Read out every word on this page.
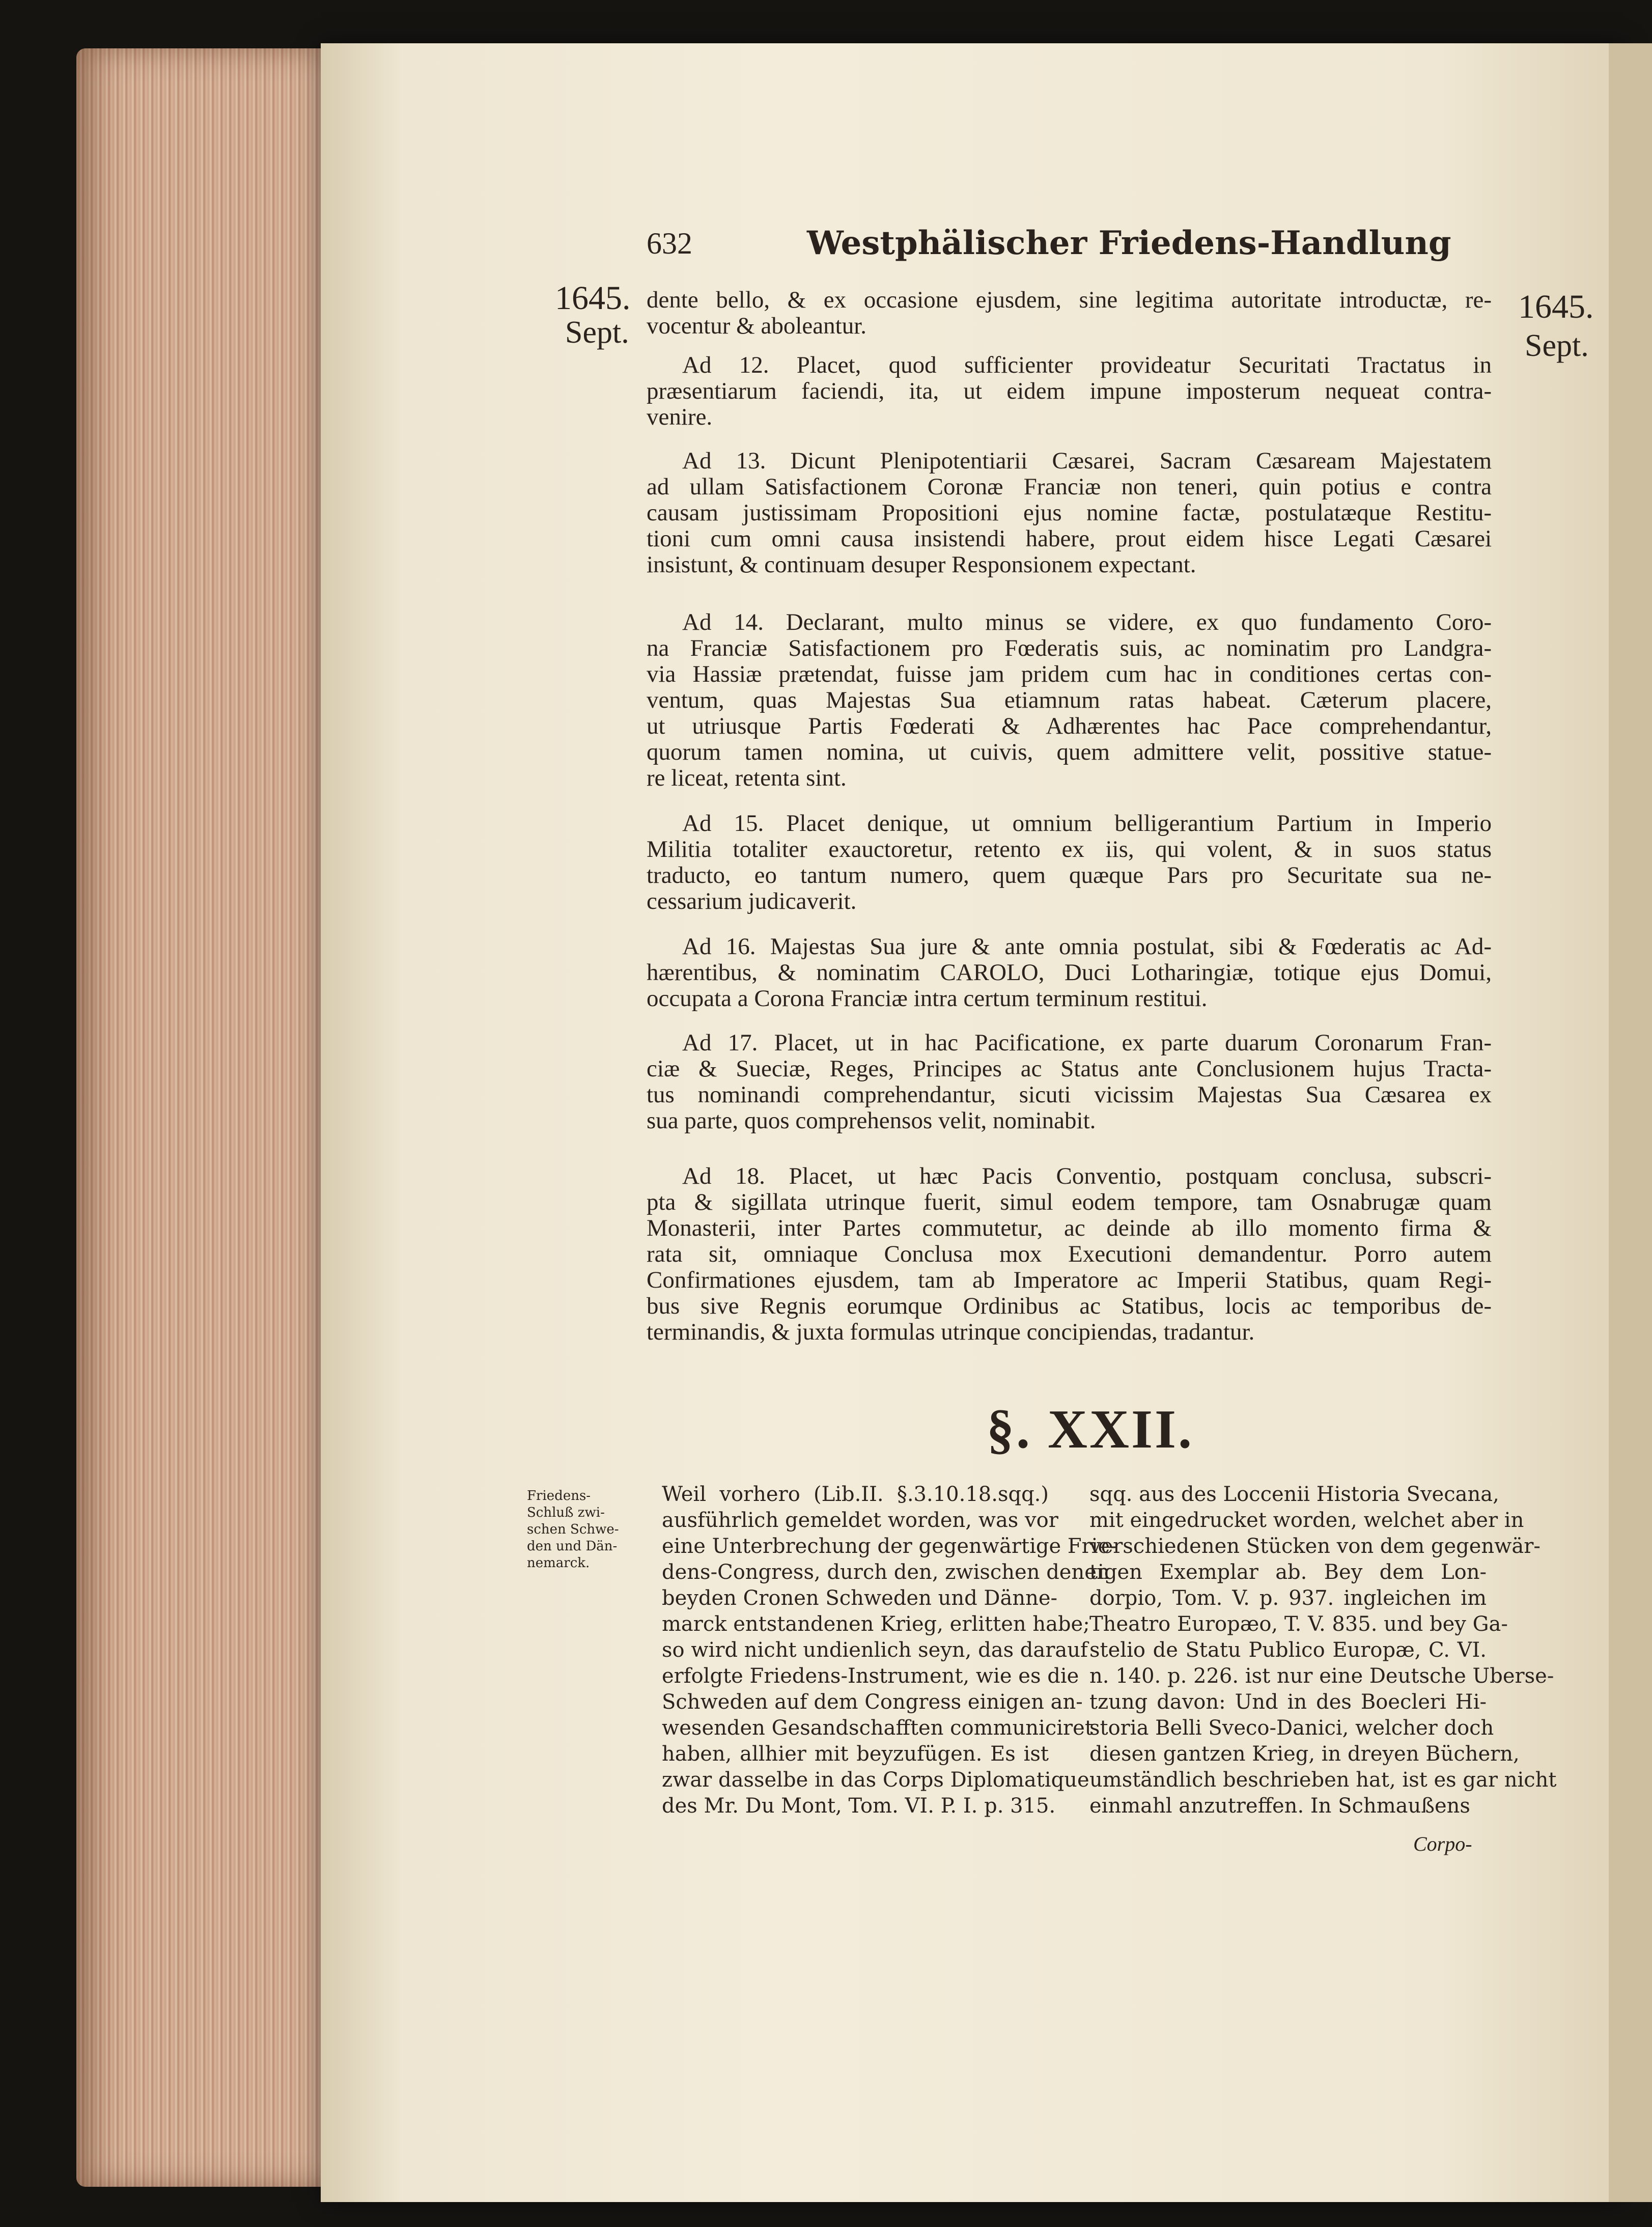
632	Westphälischer Friedens-Handlung
1645.
Sept.
1645.
Sept.
dente bello, & ex occasione ejusdem, sine legitima autoritate introductæ, re-
vocentur & aboleantur.
Ad 12. Placet, quod sufficienter provideatur Securitati Tractatus in
præsentiarum faciendi, ita, ut eidem impune imposterum nequeat contra-
venire.
Ad 13. Dicunt Plenipotentiarii Cæsarei, Sacram Cæsaream Majestatem
ad ullam Satisfactionem Coronæ Franciæ non teneri, quin potius e contra
causam justissimam Propositioni ejus nomine factæ, postulatæque Restitu-
tioni cum omni causa insistendi habere, prout eidem hisce Legati Cæsarei
insistunt, & continuam desuper Responsionem expectant.
Ad 14. Declarant, multo minus se videre, ex quo fundamento Coro-
na Franciæ Satisfactionem pro Fœderatis suis, ac nominatim pro Landgra-
via Hassiæ prætendat, fuisse jam pridem cum hac in conditiones certas con-
ventum, quas Majestas Sua etiamnum ratas habeat. Cæterum placere,
ut utriusque Partis Fœderati & Adhærentes hac Pace comprehendantur,
quorum tamen nomina, ut cuivis, quem admittere velit, possitive statue-
re liceat, retenta sint.
Ad 15. Placet denique, ut omnium belligerantium Partium in Imperio
Militia totaliter exauctoretur, retento ex iis, qui volent, & in suos status
traducto, eo tantum numero, quem quæque Pars pro Securitate sua ne-
cessarium judicaverit.
Ad 16. Majestas Sua jure & ante omnia postulat, sibi & Fœderatis ac Ad-
hærentibus, & nominatim CAROLO, Duci Lotharingiæ, totique ejus Domui,
occupata a Corona Franciæ intra certum terminum restitui.
Ad 17. Placet, ut in hac Pacificatione, ex parte duarum Coronarum Fran-
ciæ & Sueciæ, Reges, Principes ac Status ante Conclusionem hujus Tracta-
tus nominandi comprehendantur, sicuti vicissim Majestas Sua Cæsarea ex
sua parte, quos comprehensos velit, nominabit.
Ad 18. Placet, ut hæc Pacis Conventio, postquam conclusa, subscri-
pta & sigillata utrinque fuerit, simul eodem tempore, tam Osnabrugæ quam
Monasterii, inter Partes commutetur, ac deinde ab illo momento firma &
rata sit, omniaque Conclusa mox Executioni demandentur. Porro autem
Confirmationes ejusdem, tam ab Imperatore ac Imperii Statibus, quam Regi-
bus sive Regnis eorumque Ordinibus ac Statibus, locis ac temporibus de-
terminandis, & juxta formulas utrinque concipiendas, tradantur.
§. XXII.
Friedens-
Schluß zwi-
schen Schwe-
den und Dän-
nemarck.
Weil vorhero (Lib.II. §.3.10.18.sqq.)
ausführlich gemeldet worden, was vor
eine Unterbrechung der gegenwärtige Frie-
dens-Congress, durch den, zwischen denen
beyden Cronen Schweden und Dänne-
marck entstandenen Krieg, erlitten habe;
so wird nicht undienlich seyn, das darauf
erfolgte Friedens-Instrument, wie es die
Schweden auf dem Congress einigen an-
wesenden Gesandschafften communiciret
haben, allhier mit beyzufügen. Es ist
zwar dasselbe in das Corps Diplomatique
des Mr. Du Mont, Tom. VI. P. I. p. 315.
sqq. aus des Loccenii Historia Svecana,
mit eingedrucket worden, welchet aber in
verschiedenen Stücken von dem gegenwär-
tigen Exemplar ab. Bey dem Lon-
dorpio, Tom. V. p. 937. ingleichen im
Theatro Europæo, T. V. 835. und bey Ga-
stelio de Statu Publico Europæ, C. VI.
n. 140. p. 226. ist nur eine Deutsche Uberse-
tzung davon: Und in des Boecleri Hi-
storia Belli Sveco-Danici, welcher doch
diesen gantzen Krieg, in dreyen Büchern,
umständlich beschrieben hat, ist es gar nicht
einmahl anzutreffen. In Schmaußens
Corpo-
